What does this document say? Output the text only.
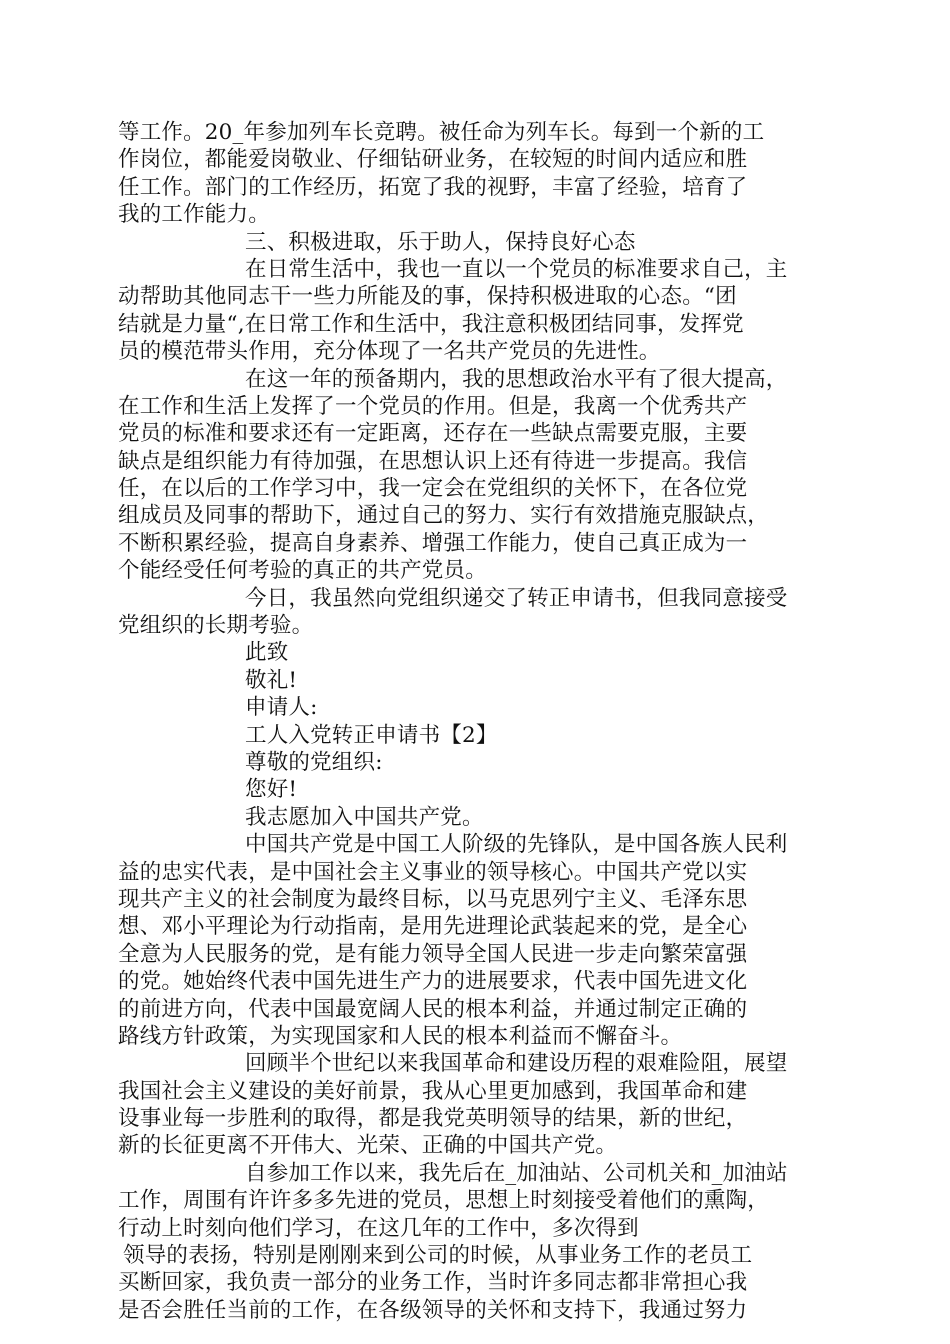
等工作。20_年参加列车长竞聘。被任命为列车长。每到一个新的工
作岗位，都能爱岗敬业、仔细钻研业务，在较短的时间内适应和胜
任工作。部门的工作经历，拓宽了我的视野，丰富了经验，培育了
我的工作能力。
三、积极进取，乐于助人，保持良好心态
在日常生活中，我也一直以一个党员的标准要求自己，主
动帮助其他同志干一些力所能及的事，保持积极进取的心态。“团
结就是力量“,在日常工作和生活中，我注意积极团结同事，发挥党
员的模范带头作用，充分体现了一名共产党员的先进性。
在这一年的预备期内，我的思想政治水平有了很大提高，
在工作和生活上发挥了一个党员的作用。但是，我离一个优秀共产
党员的标准和要求还有一定距离，还存在一些缺点需要克服，主要
缺点是组织能力有待加强，在思想认识上还有待进一步提高。我信
任，在以后的工作学习中，我一定会在党组织的关怀下，在各位党
组成员及同事的帮助下，通过自己的努力、实行有效措施克服缺点，
不断积累经验，提高自身素养、增强工作能力，使自己真正成为一
个能经受任何考验的真正的共产党员。
今日，我虽然向党组织递交了转正申请书，但我同意接受
党组织的长期考验。
此致
敬礼!
申请人:
工人入党转正申请书【2】
尊敬的党组织:
您好!
我志愿加入中国共产党。
中国共产党是中国工人阶级的先锋队，是中国各族人民利
益的忠实代表，是中国社会主义事业的领导核心。中国共产党以实
现共产主义的社会制度为最终目标，以马克思列宁主义、毛泽东思
想、邓小平理论为行动指南，是用先进理论武装起来的党，是全心
全意为人民服务的党，是有能力领导全国人民进一步走向繁荣富强
的党。她始终代表中国先进生产力的进展要求，代表中国先进文化
的前进方向，代表中国最宽阔人民的根本利益，并通过制定正确的
路线方针政策，为实现国家和人民的根本利益而不懈奋斗。
回顾半个世纪以来我国革命和建设历程的艰难险阻，展望
我国社会主义建设的美好前景，我从心里更加感到，我国革命和建
设事业每一步胜利的取得，都是我党英明领导的结果，新的世纪，
新的长征更离不开伟大、光荣、正确的中国共产党。
自参加工作以来，我先后在_加油站、公司机关和_加油站
工作，周围有许许多多先进的党员，思想上时刻接受着他们的熏陶，
行动上时刻向他们学习，在这几年的工作中，多次得到
领导的表扬，特别是刚刚来到公司的时候，从事业务工作的老员工
买断回家，我负责一部分的业务工作，当时许多同志都非常担心我
是否会胜任当前的工作，在各级领导的关怀和支持下，我通过努力
